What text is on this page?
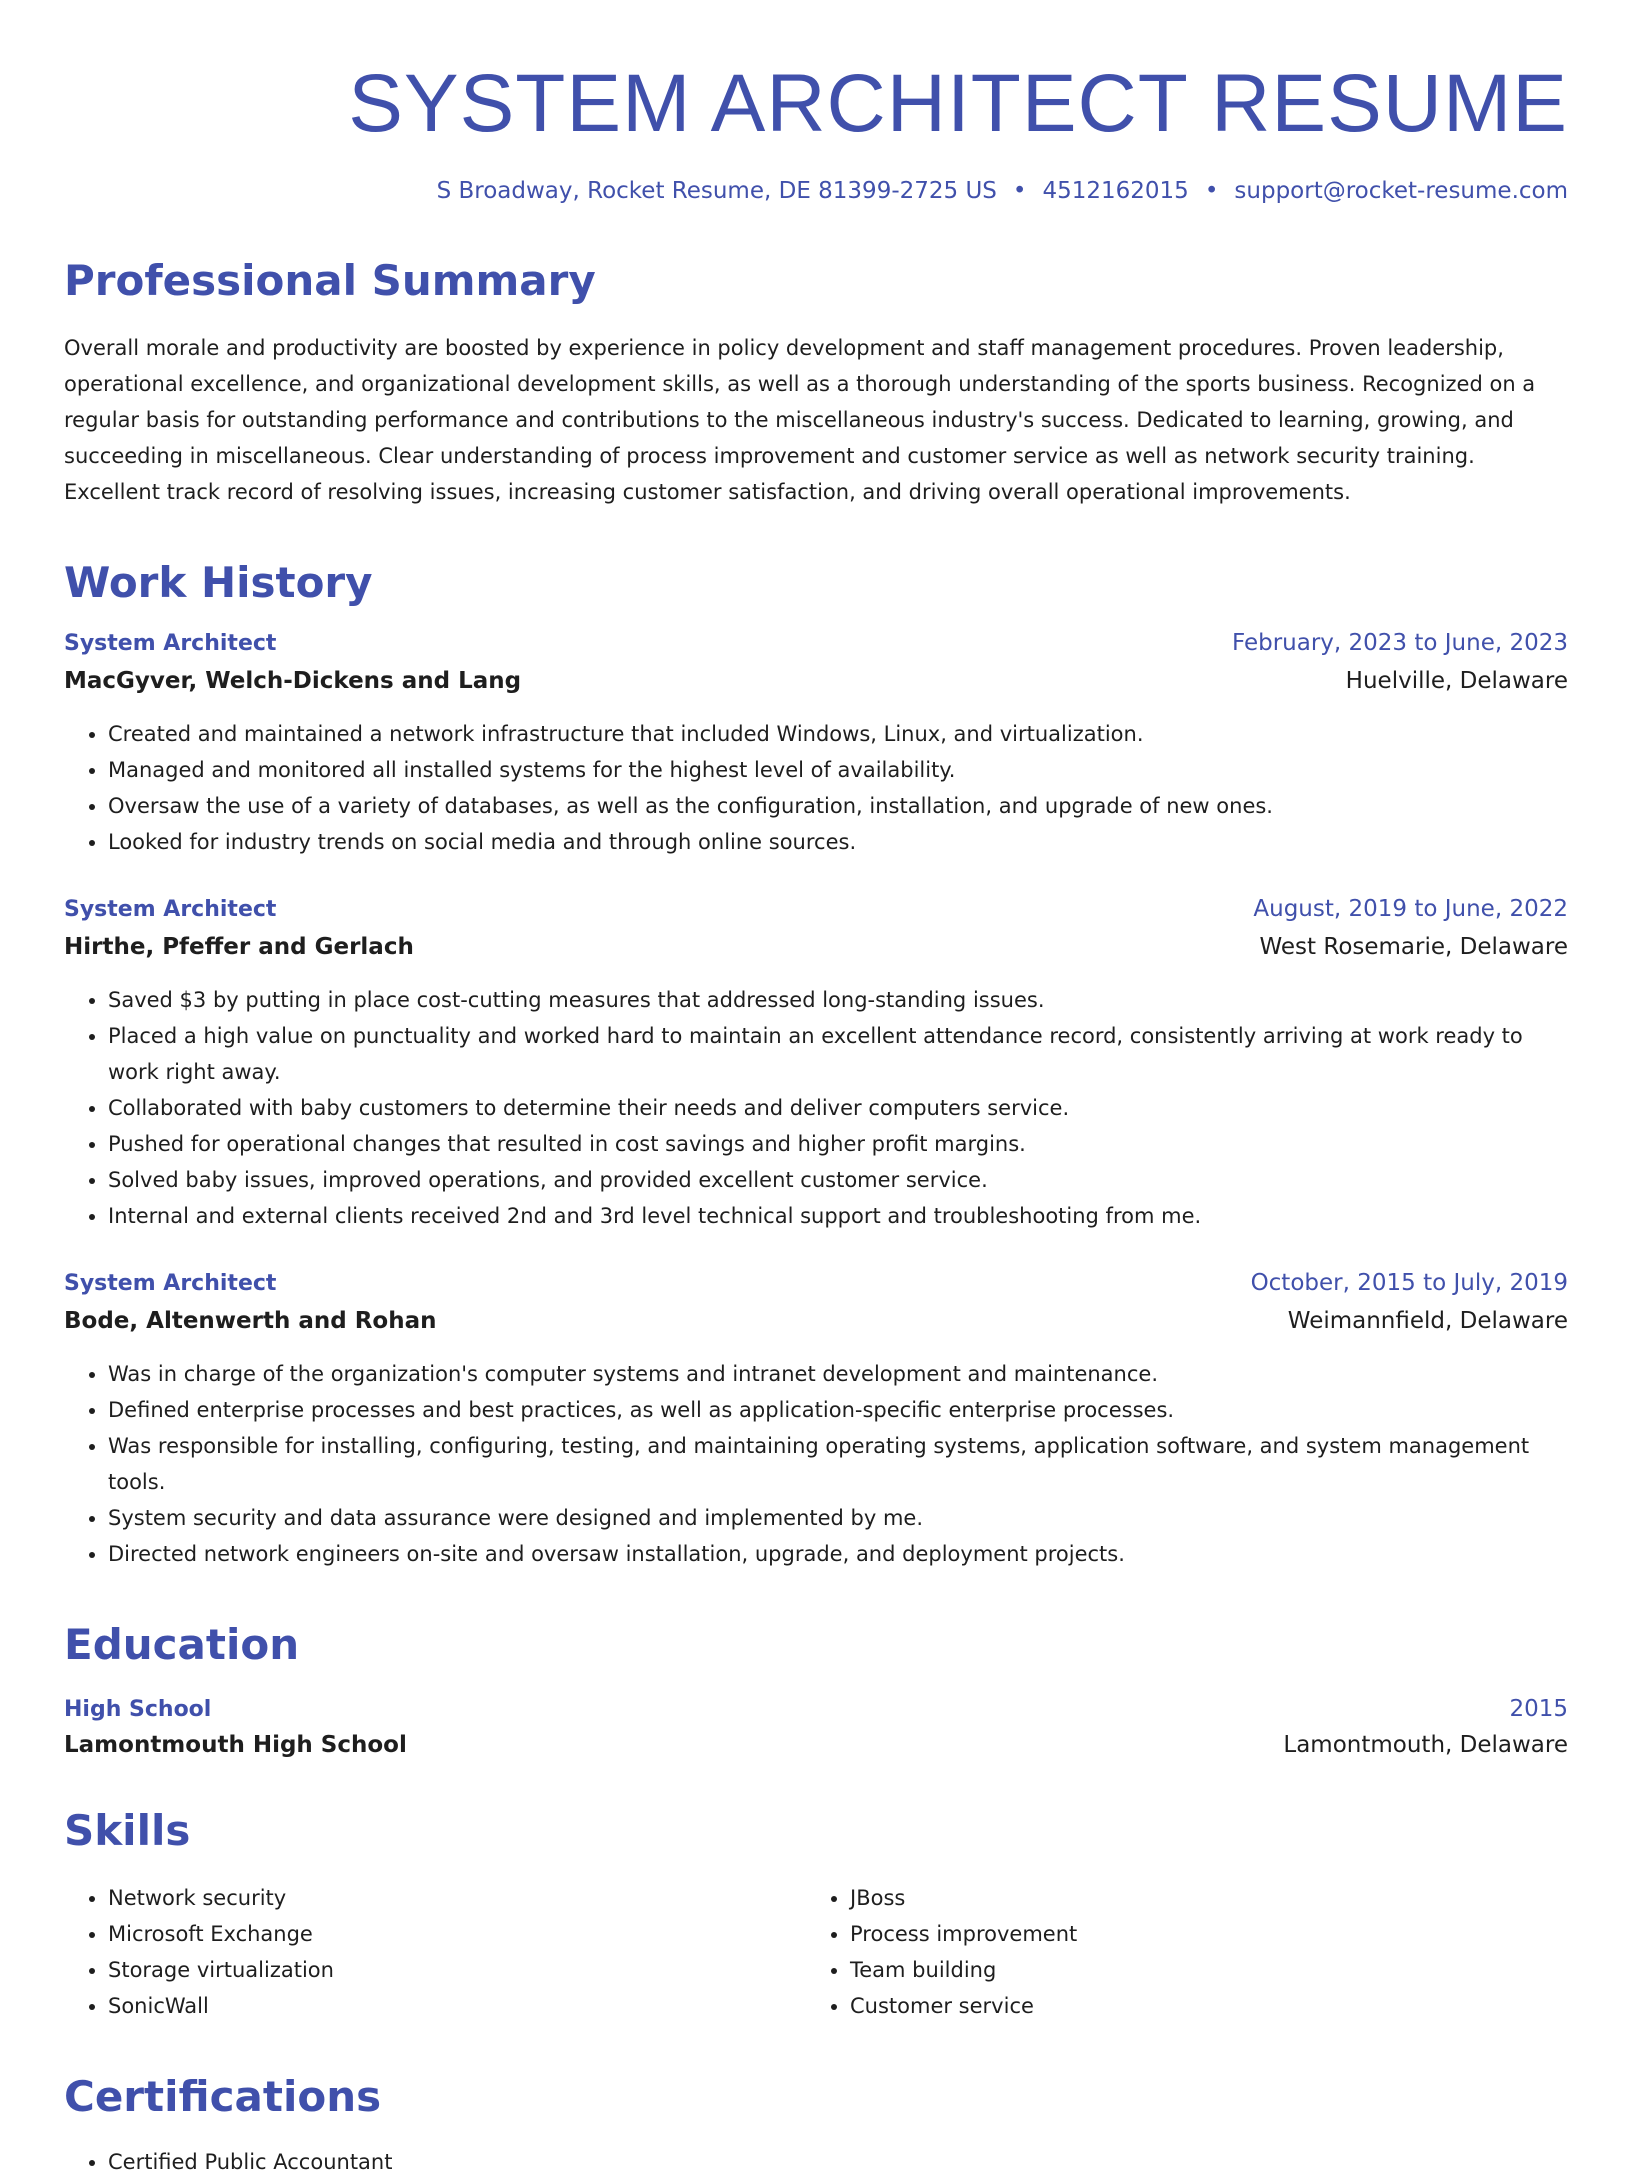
SYSTEM ARCHITECT RESUME
S Broadway, Rocket Resume, DE 81399-2725 US • 4512162015 • support@rocket-resume.com
Professional Summary
Overall morale and productivity are boosted by experience in policy development and staff management procedures. Proven leadership, operational excellence, and organizational development skills, as well as a thorough understanding of the sports business. Recognized on a regular basis for outstanding performance and contributions to the miscellaneous industry's success. Dedicated to learning, growing, and succeeding in miscellaneous. Clear understanding of process improvement and customer service as well as network security training. Excellent track record of resolving issues, increasing customer satisfaction, and driving overall operational improvements.
Work History
System Architect	February, 2023 to June, 2023
MacGyver, Welch-Dickens and Lang	Huelville, Delaware
• Created and maintained a network infrastructure that included Windows, Linux, and virtualization.
• Managed and monitored all installed systems for the highest level of availability.
• Oversaw the use of a variety of databases, as well as the configuration, installation, and upgrade of new ones.
• Looked for industry trends on social media and through online sources.
System Architect	August, 2019 to June, 2022
Hirthe, Pfeffer and Gerlach	West Rosemarie, Delaware
• Saved $3 by putting in place cost-cutting measures that addressed long-standing issues.
• Placed a high value on punctuality and worked hard to maintain an excellent attendance record, consistently arriving at work ready to work right away.
• Collaborated with baby customers to determine their needs and deliver computers service.
• Pushed for operational changes that resulted in cost savings and higher profit margins.
• Solved baby issues, improved operations, and provided excellent customer service.
• Internal and external clients received 2nd and 3rd level technical support and troubleshooting from me.
System Architect	October, 2015 to July, 2019
Bode, Altenwerth and Rohan	Weimannfield, Delaware
• Was in charge of the organization's computer systems and intranet development and maintenance.
• Defined enterprise processes and best practices, as well as application-specific enterprise processes.
• Was responsible for installing, configuring, testing, and maintaining operating systems, application software, and system management tools.
• System security and data assurance were designed and implemented by me.
• Directed network engineers on-site and oversaw installation, upgrade, and deployment projects.
Education
High School	2015
Lamontmouth High School	Lamontmouth, Delaware
Skills
• Network security
• Microsoft Exchange
• Storage virtualization
• SonicWall
• JBoss
• Process improvement
• Team building
• Customer service
Certifications
• Certified Public Accountant
